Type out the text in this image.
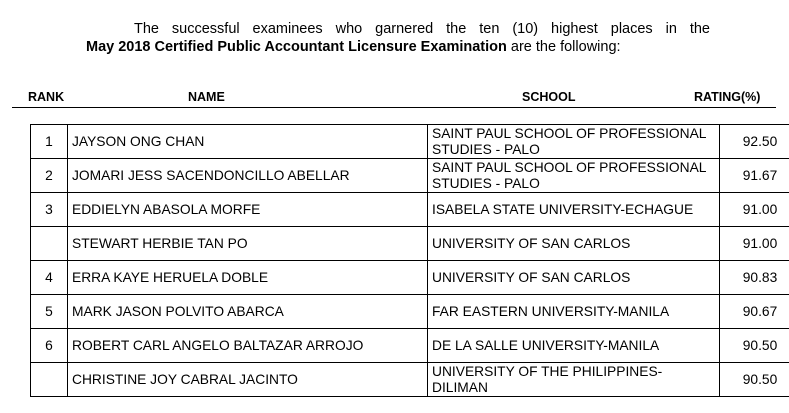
The successful examinees who garnered the ten (10) highest places in the
May 2018 Certified Public Accountant Licensure Examination are the following:
RANK	NAME	SCHOOL	RATING(%)
1	JAYSON ONG CHAN	SAINT PAUL SCHOOL OF PROFESSIONAL STUDIES - PALO	92.50
2	JOMARI JESS SACENDONCILLO ABELLAR	SAINT PAUL SCHOOL OF PROFESSIONAL STUDIES - PALO	91.67
3	EDDIELYN ABASOLA MORFE	ISABELA STATE UNIVERSITY-ECHAGUE	91.00
	STEWART HERBIE TAN PO	UNIVERSITY OF SAN CARLOS	91.00
4	ERRA KAYE HERUELA DOBLE	UNIVERSITY OF SAN CARLOS	90.83
5	MARK JASON POLVITO ABARCA	FAR EASTERN UNIVERSITY-MANILA	90.67
6	ROBERT CARL ANGELO BALTAZAR ARROJO	DE LA SALLE UNIVERSITY-MANILA	90.50
	CHRISTINE JOY CABRAL JACINTO	UNIVERSITY OF THE PHILIPPINES-DILIMAN	90.50
